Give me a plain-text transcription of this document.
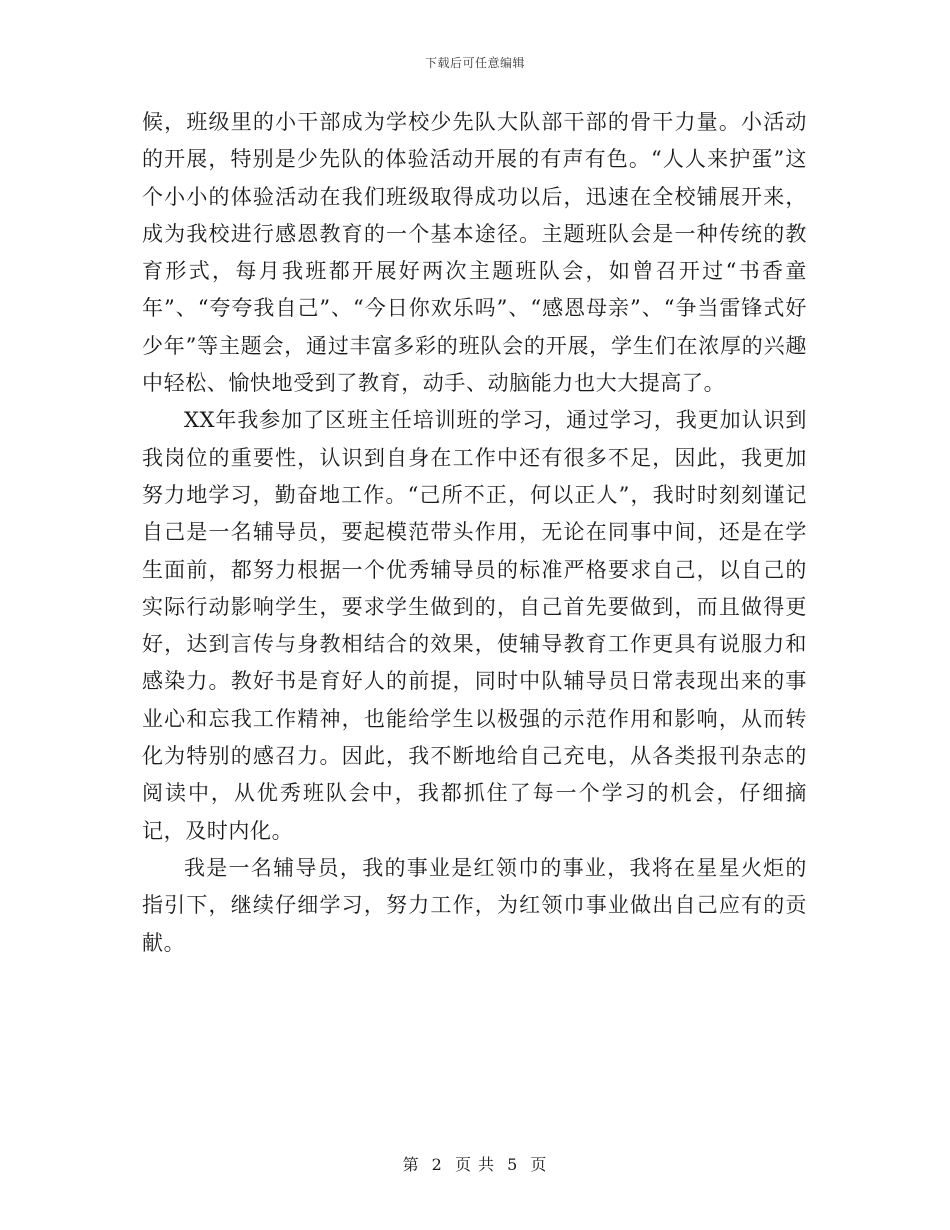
下载后可任意编辑

候，班级里的小干部成为学校少先队大队部干部的骨干力量。小活动的开展，特别是少先队的体验活动开展的有声有色。“人人来护蛋”这个小小的体验活动在我们班级取得成功以后，迅速在全校铺展开来，成为我校进行感恩教育的一个基本途径。主题班队会是一种传统的教育形式，每月我班都开展好两次主题班队会，如曾召开过“书香童年”、“夸夸我自己”、“今日你欢乐吗”、“感恩母亲”、“争当雷锋式好少年”等主题会，通过丰富多彩的班队会的开展，学生们在浓厚的兴趣中轻松、愉快地受到了教育，动手、动脑能力也大大提高了。

XX年我参加了区班主任培训班的学习，通过学习，我更加认识到我岗位的重要性，认识到自身在工作中还有很多不足，因此，我更加努力地学习，勤奋地工作。“己所不正，何以正人”，我时时刻刻谨记自己是一名辅导员，要起模范带头作用，无论在同事中间，还是在学生面前，都努力根据一个优秀辅导员的标准严格要求自己，以自己的实际行动影响学生，要求学生做到的，自己首先要做到，而且做得更好，达到言传与身教相结合的效果，使辅导教育工作更具有说服力和感染力。教好书是育好人的前提，同时中队辅导员日常表现出来的事业心和忘我工作精神，也能给学生以极强的示范作用和影响，从而转化为特别的感召力。因此，我不断地给自己充电，从各类报刊杂志的阅读中，从优秀班队会中，我都抓住了每一个学习的机会，仔细摘记，及时内化。

我是一名辅导员，我的事业是红领巾的事业，我将在星星火炬的指引下，继续仔细学习，努力工作，为红领巾事业做出自己应有的贡献。

第 2 页 共 5 页
